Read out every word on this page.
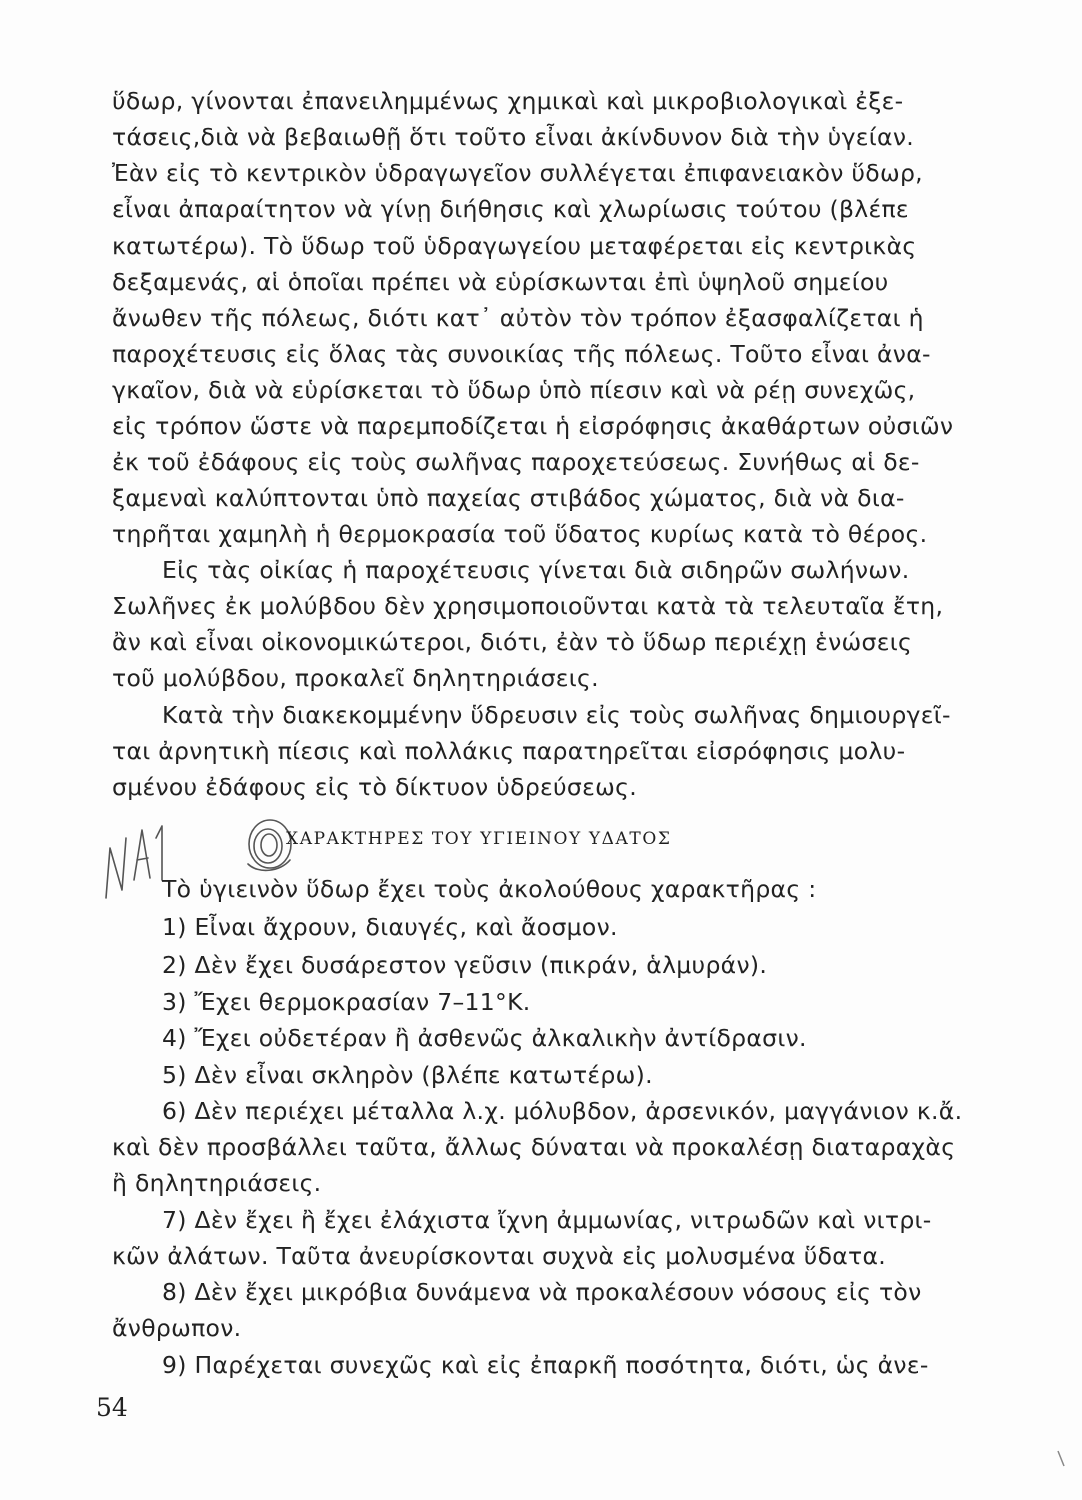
ὕδωρ, γίνονται ἐπανειλημμένως χημικαὶ καὶ μικροβιολογικαὶ ἐξε-
τάσεις,διὰ νὰ βεβαιωθῇ ὅτι τοῦτο εἶναι ἀκίνδυνον διὰ τὴν ὑγείαν.
Ἐὰν εἰς τὸ κεντρικὸν ὑδραγωγεῖον συλλέγεται ἐπιφανειακὸν ὕδωρ,
εἶναι ἀπαραίτητον νὰ γίνῃ διήθησις καὶ χλωρίωσις τούτου (βλέπε
κατωτέρω). Τὸ ὕδωρ τοῦ ὑδραγωγείου μεταφέρεται εἰς κεντρικὰς
δεξαμενάς, αἱ ὁποῖαι πρέπει νὰ εὑρίσκωνται ἐπὶ ὑψηλοῦ σημείου
ἄνωθεν τῆς πόλεως, διότι κατ᾽ αὐτὸν τὸν τρόπον ἐξασφαλίζεται ἡ
παροχέτευσις εἰς ὅλας τὰς συνοικίας τῆς πόλεως. Τοῦτο εἶναι ἀνα-
γκαῖον, διὰ νὰ εὑρίσκεται τὸ ὕδωρ ὑπὸ πίεσιν καὶ νὰ ρέῃ συνεχῶς,
εἰς τρόπον ὥστε νὰ παρεμποδίζεται ἡ εἰσρόφησις ἀκαθάρτων οὐσιῶν
ἐκ τοῦ ἐδάφους εἰς τοὺς σωλῆνας παροχετεύσεως. Συνήθως αἱ δε-
ξαμεναὶ καλύπτονται ὑπὸ παχείας στιβάδος χώματος, διὰ νὰ δια-
τηρῆται χαμηλὴ ἡ θερμοκρασία τοῦ ὕδατος κυρίως κατὰ τὸ θέρος.
Εἰς τὰς οἰκίας ἡ παροχέτευσις γίνεται διὰ σιδηρῶν σωλήνων.
Σωλῆνες ἐκ μολύβδου δὲν χρησιμοποιοῦνται κατὰ τὰ τελευταῖα ἔτη,
ἂν καὶ εἶναι οἰκονομικώτεροι, διότι, ἐὰν τὸ ὕδωρ περιέχῃ ἑνώσεις
τοῦ μολύβδου, προκαλεῖ δηλητηριάσεις.
Κατὰ τὴν διακεκομμένην ὕδρευσιν εἰς τοὺς σωλῆνας δημιουργεῖ-
ται ἀρνητικὴ πίεσις καὶ πολλάκις παρατηρεῖται εἰσρόφησις μολυ-
σμένου ἐδάφους εἰς τὸ δίκτυον ὑδρεύσεως.
ΧΑΡΑΚΤΗΡΕΣ ΤΟΥ ΥΓΙΕΙΝΟΥ ΥΔΑΤΟΣ
Τὸ ὑγιεινὸν ὕδωρ ἔχει τοὺς ἀκολούθους χαρακτῆρας :
1) Εἶναι ἄχρουν, διαυγές, καὶ ἄοσμον.
2) Δὲν ἔχει δυσάρεστον γεῦσιν (πικράν, ἁλμυράν).
3) Ἔχει θερμοκρασίαν 7–11°Κ.
4) Ἔχει οὐδετέραν ἢ ἀσθενῶς ἀλκαλικὴν ἀντίδρασιν.
5) Δὲν εἶναι σκληρὸν (βλέπε κατωτέρω).
6) Δὲν περιέχει μέταλλα λ.χ. μόλυβδον, ἀρσενικόν, μαγγάνιον κ.ἄ.
καὶ δὲν προσβάλλει ταῦτα, ἄλλως δύναται νὰ προκαλέσῃ διαταραχὰς
ἢ δηλητηριάσεις.
7) Δὲν ἔχει ἢ ἔχει ἐλάχιστα ἴχνη ἀμμωνίας, νιτρωδῶν καὶ νιτρι-
κῶν ἀλάτων. Ταῦτα ἀνευρίσκονται συχνὰ εἰς μολυσμένα ὕδατα.
8) Δὲν ἔχει μικρόβια δυνάμενα νὰ προκαλέσουν νόσους εἰς τὸν
ἄνθρωπον.
9) Παρέχεται συνεχῶς καὶ εἰς ἐπαρκῆ ποσότητα, διότι, ὡς ἀνε-
54
